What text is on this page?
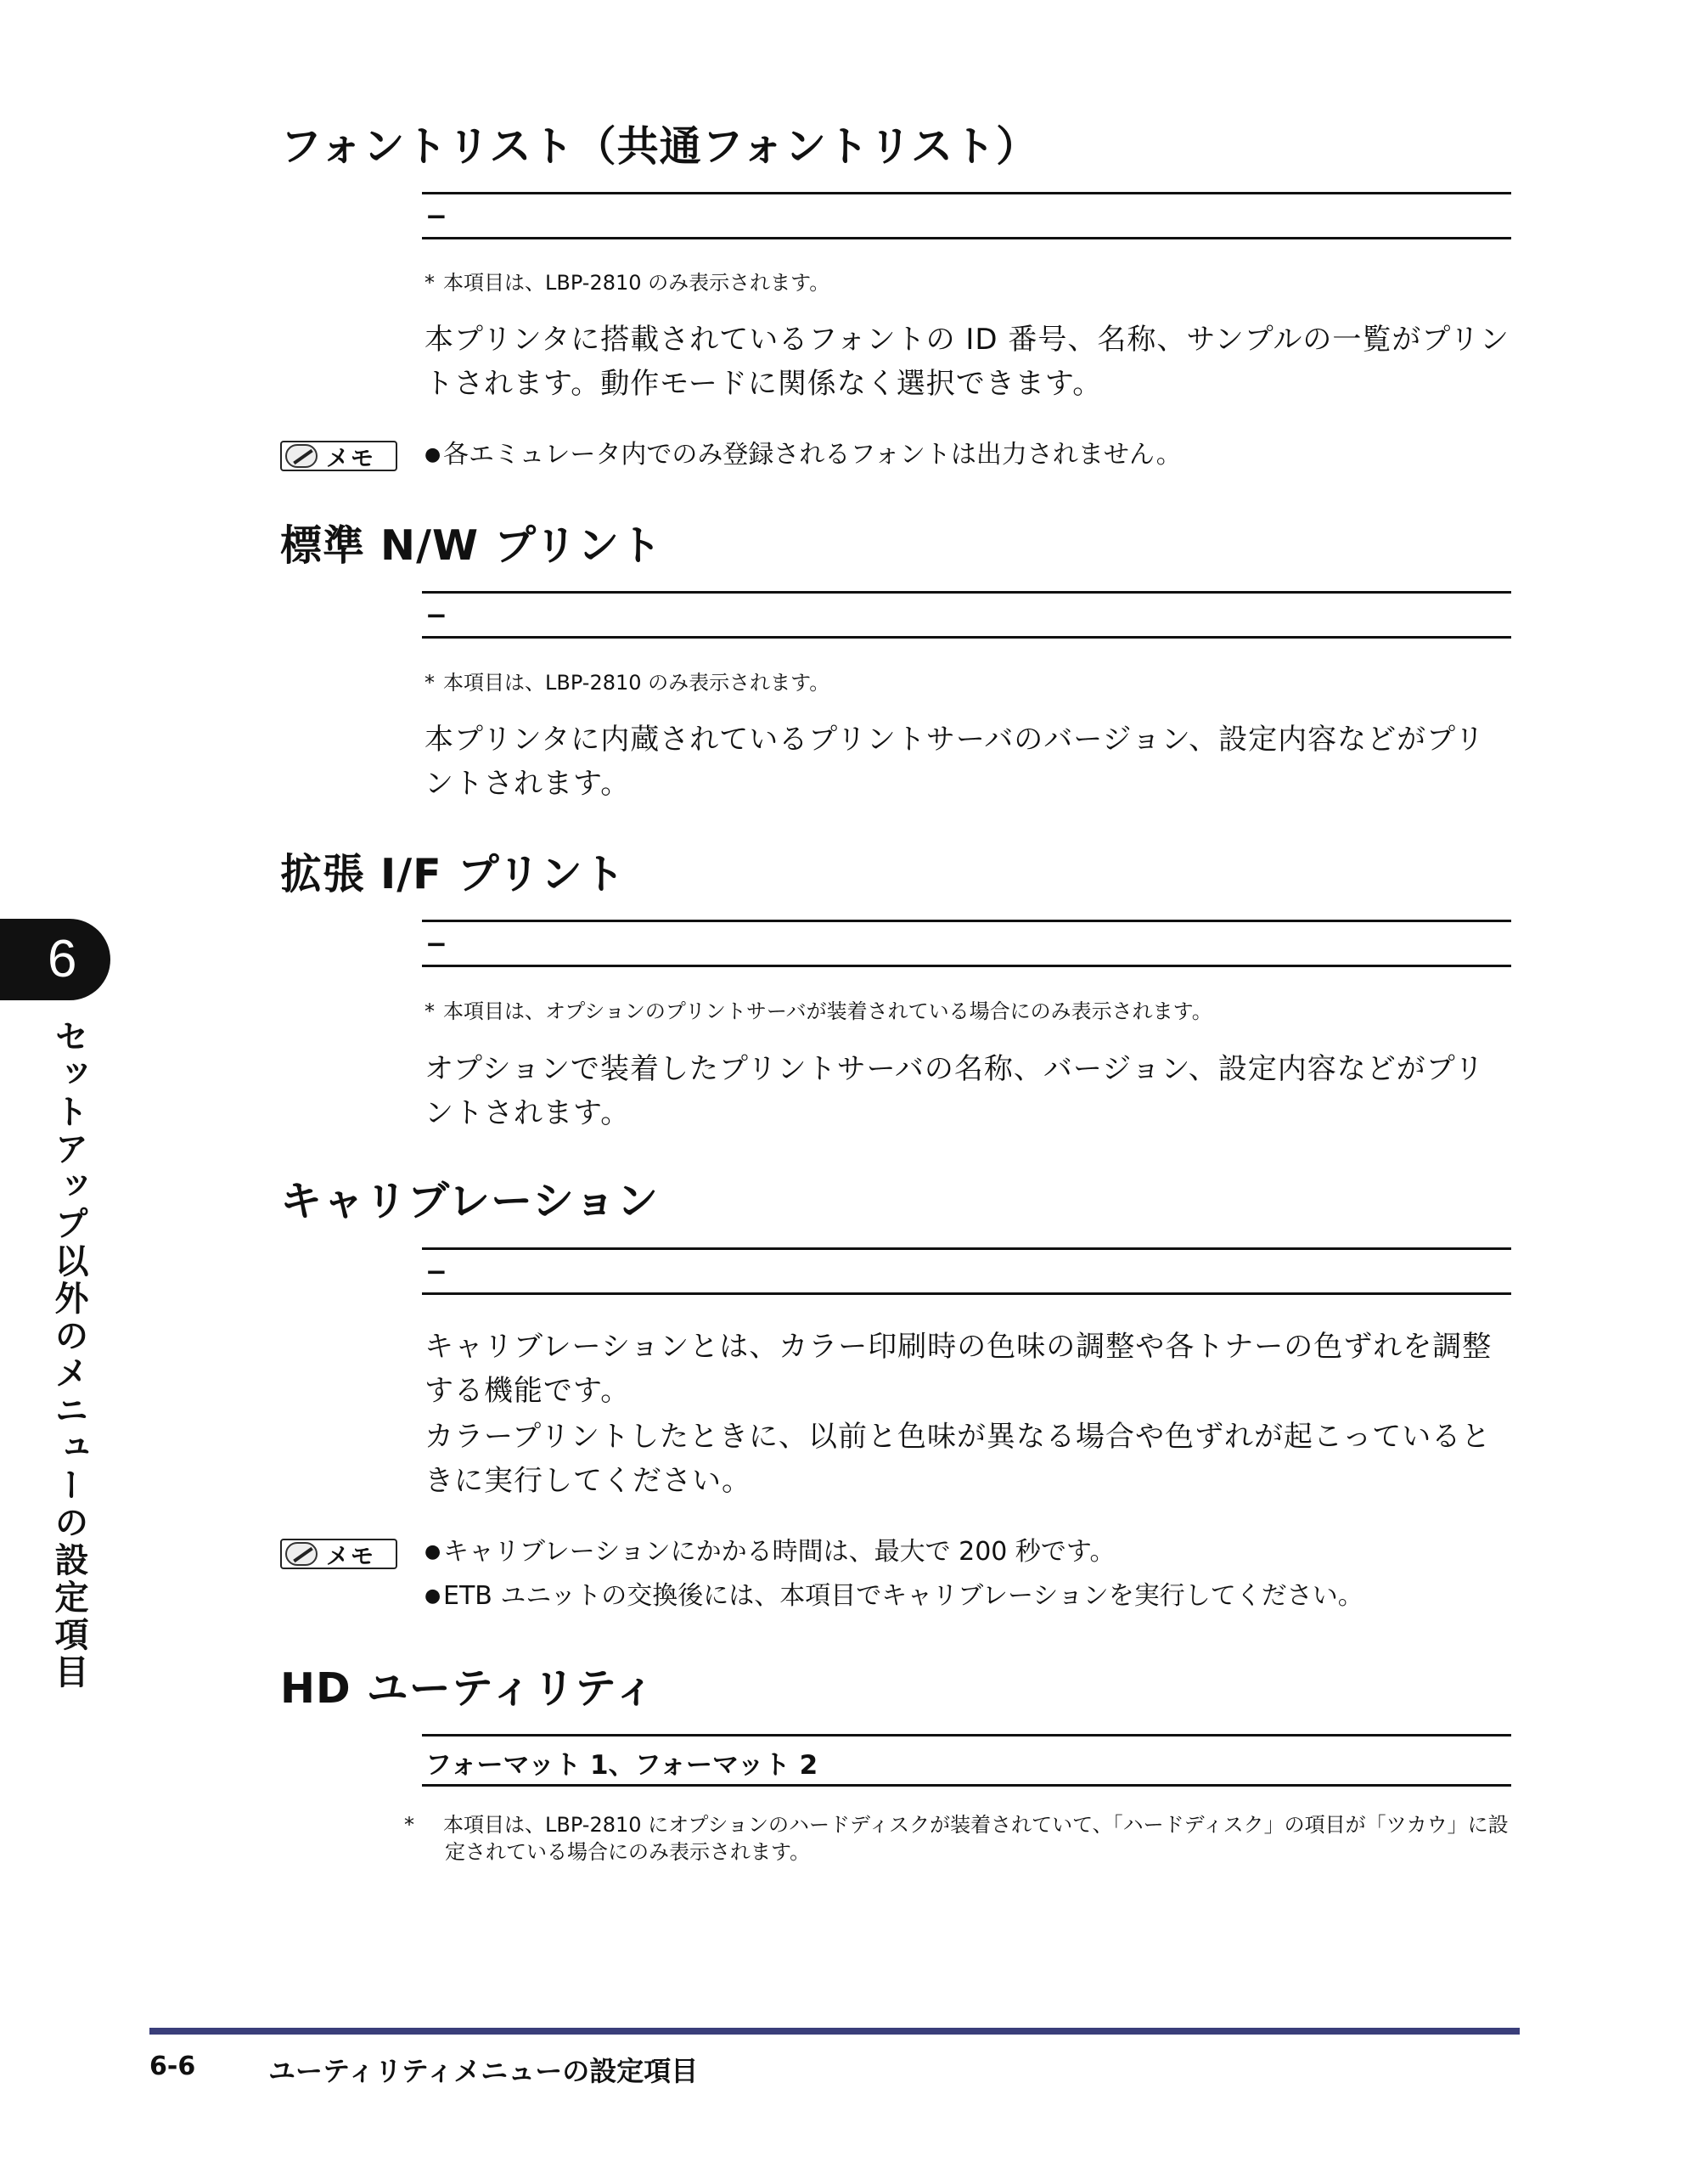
フォントリスト（共通フォントリスト）
−
* 本項目は、LBP-2810 のみ表示されます。
本プリンタに搭載されているフォントの ID 番号、名称、サンプルの一覧がプリントされます。動作モードに関係なく選択できます。
メモ	●各エミュレータ内でのみ登録されるフォントは出力されません。
標準 N/W プリント
−
* 本項目は、LBP-2810 のみ表示されます。
本プリンタに内蔵されているプリントサーバのバージョン、設定内容などがプリントされます。
拡張 I/F プリント
−
* 本項目は、オプションのプリントサーバが装着されている場合にのみ表示されます。
オプションで装着したプリントサーバの名称、バージョン、設定内容などがプリントされます。
キャリブレーション
−
キャリブレーションとは、カラー印刷時の色味の調整や各トナーの色ずれを調整する機能です。
カラープリントしたときに、以前と色味が異なる場合や色ずれが起こっているときに実行してください。
メモ	●キャリブレーションにかかる時間は、最大で 200 秒です。
●ETB ユニットの交換後には、本項目でキャリブレーションを実行してください。
HD ユーティリティ
フォーマット 1、フォーマット 2
* 本項目は、LBP-2810 にオプションのハードディスクが装着されていて、「ハードディスク」の項目が「ツカウ」に設定されている場合にのみ表示されます。
6
セットアップ以外のメニューの設定項目
6-6	ユーティリティメニューの設定項目
